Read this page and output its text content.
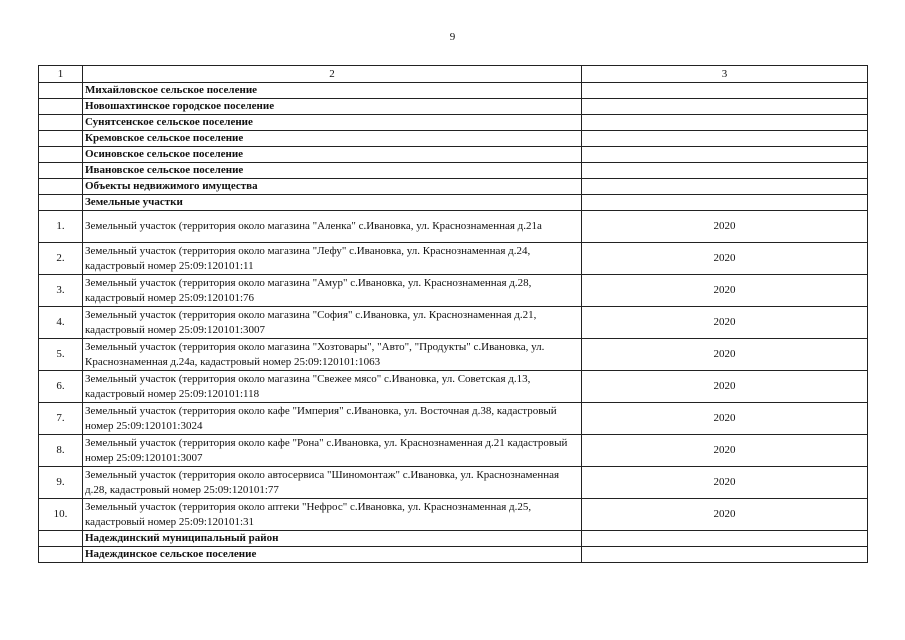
9
1	2	3
	Михайловское сельское поселение	
	Новошахтинское городское поселение	
	Сунятсенское сельское поселение	
	Кремовское сельское поселение	
	Осиновское сельское поселение	
	Ивановское сельское поселение	
	Объекты недвижимого имущества	
	Земельные участки	
1.	Земельный участок (территория около магазина "Аленка" с.Ивановка, ул. Краснознаменная д.21а	2020
2.	Земельный участок (территория около магазина "Лефу" с.Ивановка, ул. Краснознаменная д.24, кадастровый номер 25:09:120101:11	2020
3.	Земельный участок (территория около магазина "Амур" с.Ивановка, ул. Краснознаменная д.28, кадастровый номер 25:09:120101:76	2020
4.	Земельный участок (территория около магазина "София" с.Ивановка, ул. Краснознаменная д.21, кадастровый номер 25:09:120101:3007	2020
5.	Земельный участок (территория около магазина "Хозтовары", "Авто", "Продукты" с.Ивановка, ул. Краснознаменная д.24а, кадастровый номер 25:09:120101:1063	2020
6.	Земельный участок (территория около магазина "Свежее мясо" с.Ивановка, ул. Советская д.13, кадастровый номер 25:09:120101:118	2020
7.	Земельный участок (территория около кафе "Империя" с.Ивановка, ул. Восточная д.38, кадастровый номер 25:09:120101:3024	2020
8.	Земельный участок (территория около кафе "Рона" с.Ивановка, ул. Краснознаменная д.21 кадастровый номер 25:09:120101:3007	2020
9.	Земельный участок (территория около автосервиса "Шиномонтаж" с.Ивановка, ул. Краснознаменная д.28, кадастровый номер 25:09:120101:77	2020
10.	Земельный участок (территория около аптеки "Нефрос" с.Ивановка, ул. Краснознаменная д.25, кадастровый номер 25:09:120101:31	2020
	Надеждинский муниципальный район	
	Надеждинское сельское поселение	
